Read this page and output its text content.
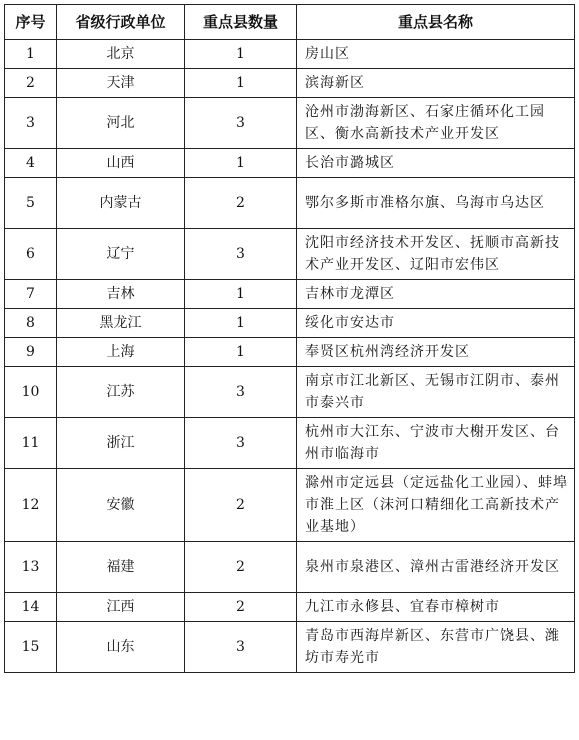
序号	省级行政单位	重点县数量	重点县名称
1	北京	1	房山区
2	天津	1	滨海新区
3	河北	3	沧州市渤海新区、石家庄循环化工园区、衡水高新技术产业开发区
4	山西	1	长治市潞城区
5	内蒙古	2	鄂尔多斯市准格尔旗、乌海市乌达区
6	辽宁	3	沈阳市经济技术开发区、抚顺市高新技术产业开发区、辽阳市宏伟区
7	吉林	1	吉林市龙潭区
8	黑龙江	1	绥化市安达市
9	上海	1	奉贤区杭州湾经济开发区
10	江苏	3	南京市江北新区、无锡市江阴市、泰州市泰兴市
11	浙江	3	杭州市大江东、宁波市大榭开发区、台州市临海市
12	安徽	2	滁州市定远县（定远盐化工业园）、蚌埠市淮上区（沫河口精细化工高新技术产业基地）
13	福建	2	泉州市泉港区、漳州古雷港经济开发区
14	江西	2	九江市永修县、宜春市樟树市
15	山东	3	青岛市西海岸新区、东营市广饶县、潍坊市寿光市
